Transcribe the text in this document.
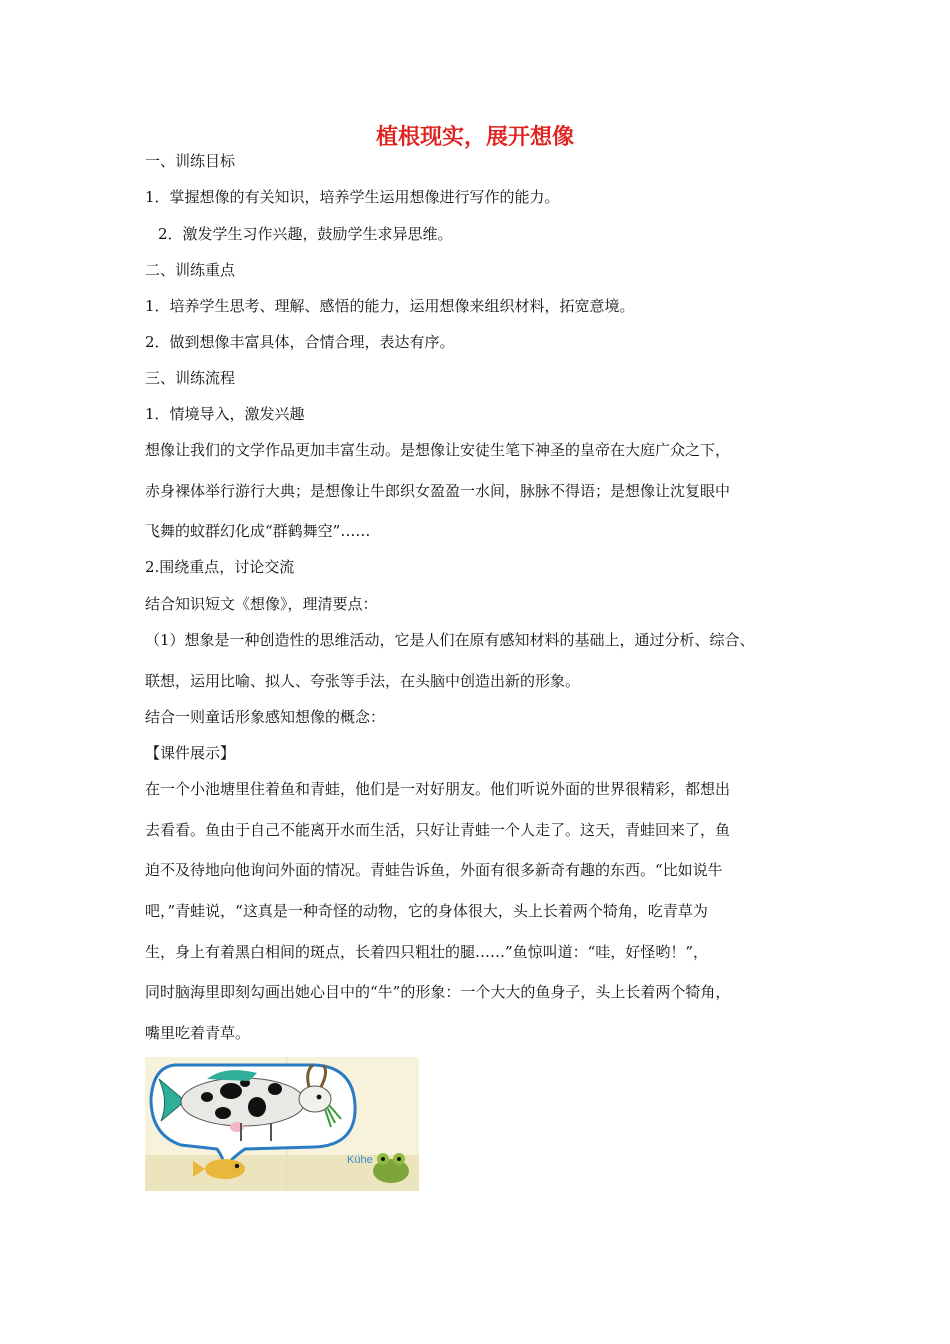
植根现实，展开想像
一、训练目标
1．掌握想像的有关知识，培养学生运用想像进行写作的能力。
2．激发学生习作兴趣，鼓励学生求异思维。
二、训练重点
1．培养学生思考、理解、感悟的能力，运用想像来组织材料，拓宽意境。
2．做到想像丰富具体，合情合理，表达有序。
三、训练流程
1．情境导入，激发兴趣
想像让我们的文学作品更加丰富生动。是想像让安徒生笔下神圣的皇帝在大庭广众之下，
赤身裸体举行游行大典；是想像让牛郎织女盈盈一水间，脉脉不得语；是想像让沈复眼中
飞舞的蚊群幻化成“群鹤舞空”……
2.围绕重点，讨论交流
结合知识短文《想像》，理清要点：
（1）想象是一种创造性的思维活动，它是人们在原有感知材料的基础上，通过分析、综合、
联想，运用比喻、拟人、夸张等手法，在头脑中创造出新的形象。
结合一则童话形象感知想像的概念：
【课件展示】
在一个小池塘里住着鱼和青蛙，他们是一对好朋友。他们听说外面的世界很精彩，都想出
去看看。鱼由于自己不能离开水而生活，只好让青蛙一个人走了。这天，青蛙回来了，鱼
迫不及待地向他询问外面的情况。青蛙告诉鱼，外面有很多新奇有趣的东西。“比如说牛
吧，”青蛙说，“这真是一种奇怪的动物，它的身体很大，头上长着两个犄角，吃青草为
生，身上有着黑白相间的斑点，长着四只粗壮的腿……”鱼惊叫道：“哇，好怪哟！”，
同时脑海里即刻勾画出她心目中的“牛”的形象：一个大大的鱼身子，头上长着两个犄角，
嘴里吃着青草。
Kühe
